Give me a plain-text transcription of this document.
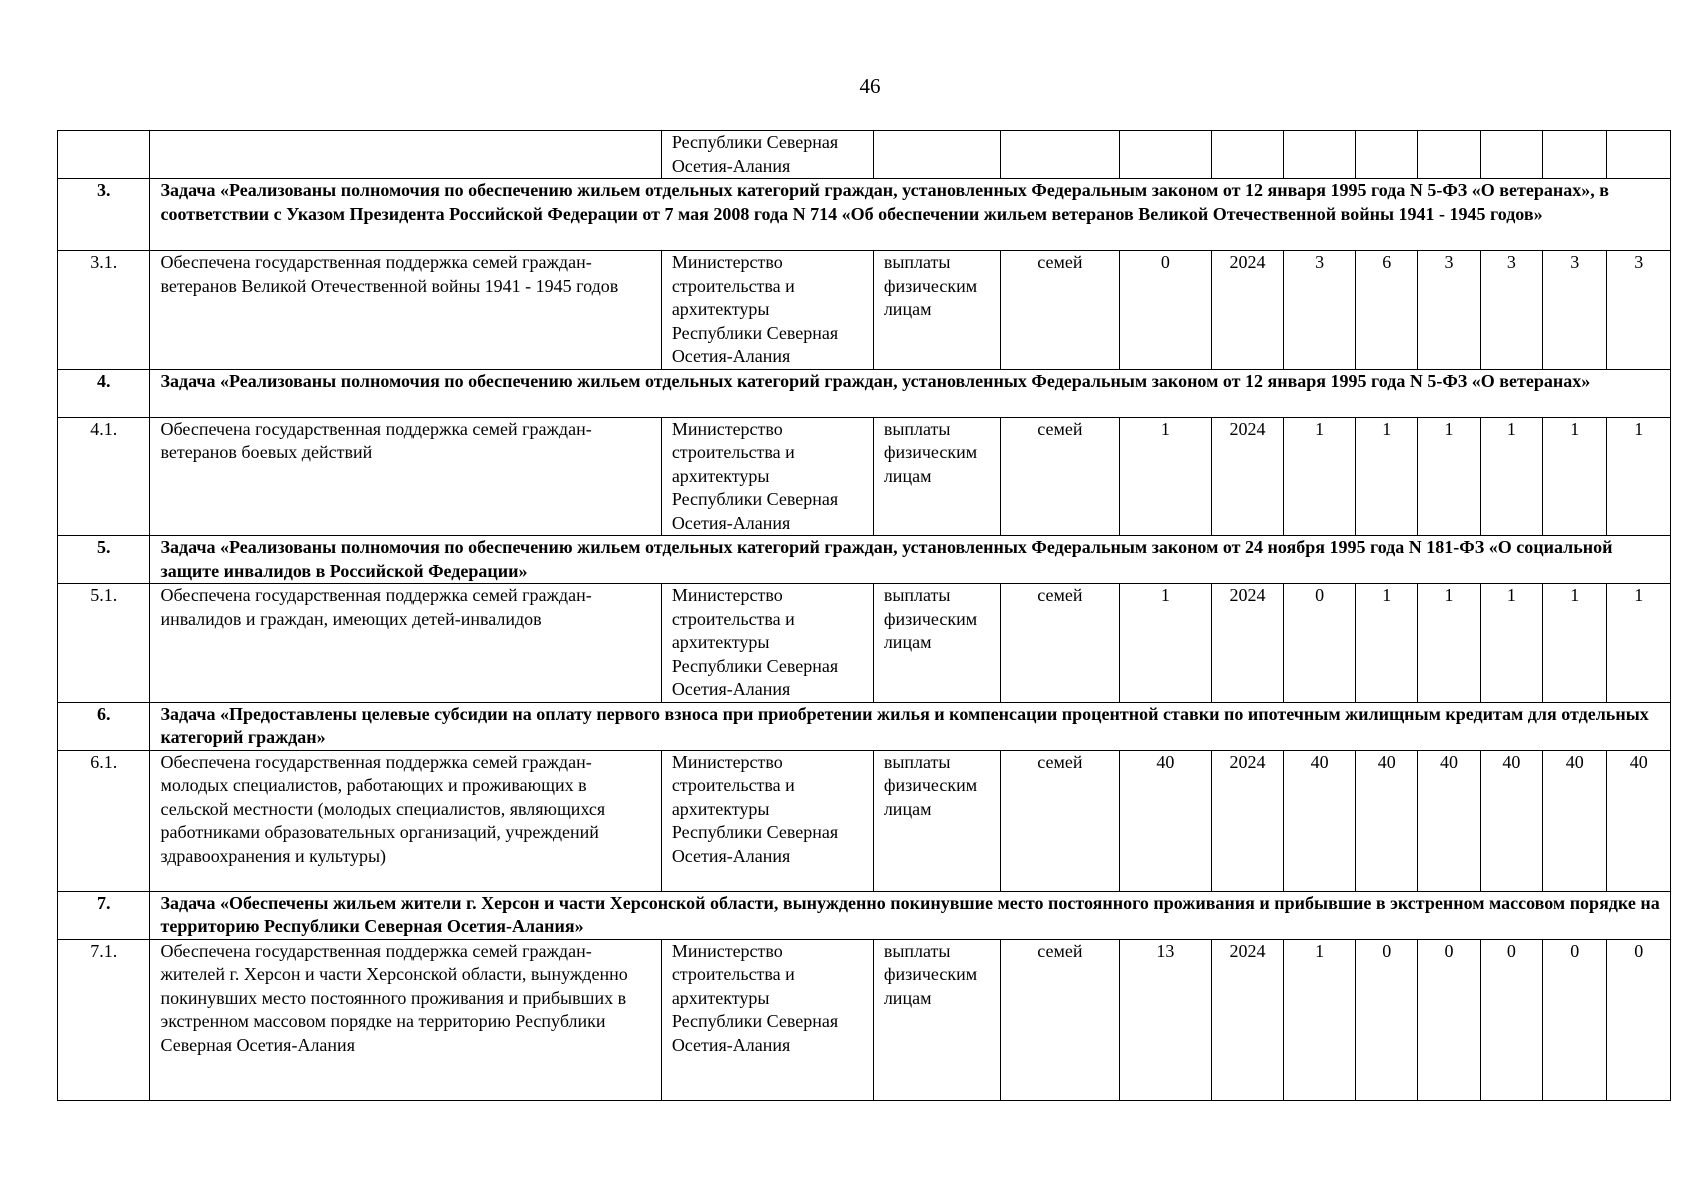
46
		Республики Северная Осетия-Алания										
3.	Задача «Реализованы полномочия по обеспечению жильем отдельных категорий граждан, установленных Федеральным законом от 12 января 1995 года N 5-ФЗ «О ветеранах», в соответствии с Указом Президента Российской Федерации от 7 мая 2008 года N 714 «Об обеспечении жильем ветеранов Великой Отечественной войны 1941 - 1945 годов»											
3.1.	Обеспечена государственная поддержка семей граждан-ветеранов Великой Отечественной войны 1941 - 1945 годов	Министерство строительства и архитектуры Республики Северная Осетия-Алания	выплаты физическим лицам	семей	0	2024	3	6	3	3	3	3
4.	Задача «Реализованы полномочия по обеспечению жильем отдельных категорий граждан, установленных Федеральным законом от 12 января 1995 года N 5-ФЗ «О ветеранах»											
4.1.	Обеспечена государственная поддержка семей граждан-ветеранов боевых действий	Министерство строительства и архитектуры Республики Северная Осетия-Алания	выплаты физическим лицам	семей	1	2024	1	1	1	1	1	1
5.	Задача «Реализованы полномочия по обеспечению жильем отдельных категорий граждан, установленных Федеральным законом от 24 ноября 1995 года N 181-ФЗ «О социальной защите инвалидов в Российской Федерации»											
5.1.	Обеспечена государственная поддержка семей граждан-инвалидов и граждан, имеющих детей-инвалидов	Министерство строительства и архитектуры Республики Северная Осетия-Алания	выплаты физическим лицам	семей	1	2024	0	1	1	1	1	1
6.	Задача «Предоставлены целевые субсидии на оплату первого взноса при приобретении жилья и компенсации процентной ставки по ипотечным жилищным кредитам для отдельных категорий граждан»											
6.1.	Обеспечена государственная поддержка семей граждан-молодых специалистов, работающих и проживающих в сельской местности (молодых специалистов, являющихся работниками образовательных организаций, учреждений здравоохранения и культуры)	Министерство строительства и архитектуры Республики Северная Осетия-Алания	выплаты физическим лицам	семей	40	2024	40	40	40	40	40	40
7.	Задача «Обеспечены жильем жители г. Херсон и части Херсонской области, вынужденно покинувшие место постоянного проживания и прибывшие в экстренном массовом порядке на территорию Республики Северная Осетия-Алания»											
7.1.	Обеспечена государственная поддержка семей граждан-жителей г. Херсон и части Херсонской области, вынужденно покинувших место постоянного проживания и прибывших в экстренном массовом порядке на территорию Республики Северная Осетия-Алания	Министерство строительства и архитектуры Республики Северная Осетия-Алания	выплаты физическим лицам	семей	13	2024	1	0	0	0	0	0
